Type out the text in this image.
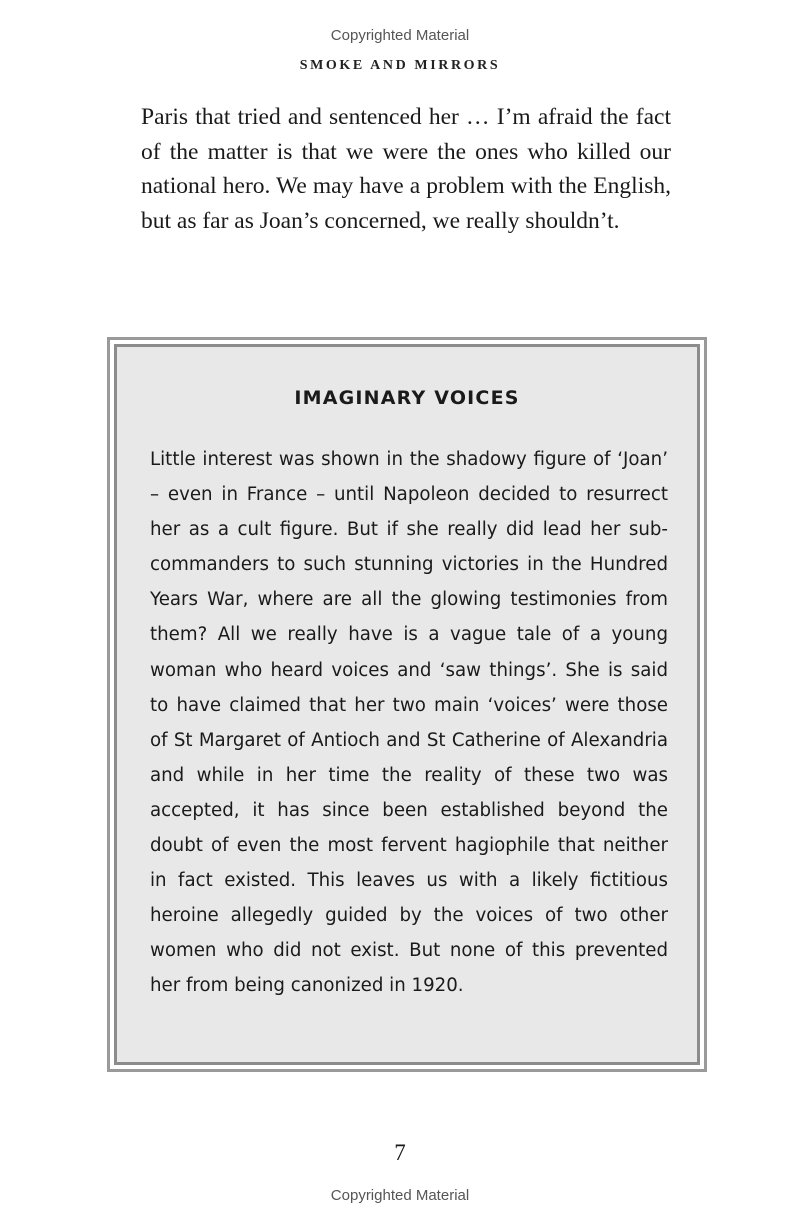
Copyrighted Material
SMOKE AND MIRRORS
Paris that tried and sentenced her … I’m afraid the fact of the matter is that we were the ones who killed our national hero. We may have a problem with the English, but as far as Joan’s concerned, we really shouldn’t.
IMAGINARY VOICES
Little interest was shown in the shadowy figure of ‘Joan’ – even in France – until Napoleon decided to resurrect her as a cult figure. But if she really did lead her sub-commanders to such stunning victories in the Hundred Years War, where are all the glowing testimonies from them? All we really have is a vague tale of a young woman who heard voices and ‘saw things’. She is said to have claimed that her two main ‘voices’ were those of St Margaret of Antioch and St Catherine of Alexandria and while in her time the reality of these two was accepted, it has since been established beyond the doubt of even the most fervent hagiophile that neither in fact existed. This leaves us with a likely fictitious heroine allegedly guided by the voices of two other women who did not exist. But none of this prevented her from being canonized in 1920.
7
Copyrighted Material
